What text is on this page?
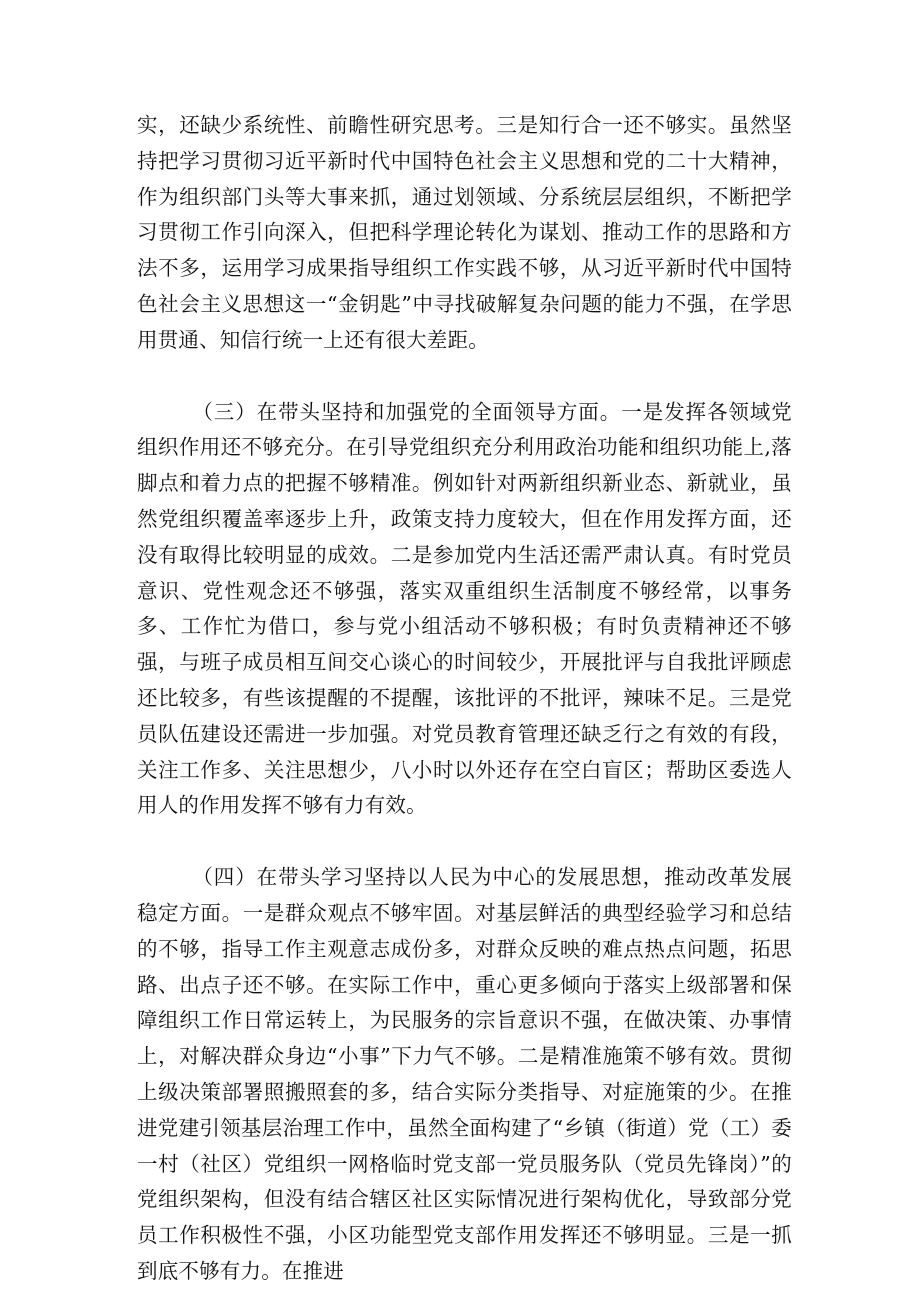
实，还缺少系统性、前瞻性研究思考。三是知行合一还不够实。虽然坚持把学习贯彻习近平新时代中国特色社会主义思想和党的二十大精神，作为组织部门头等大事来抓，通过划领域、分系统层层组织，不断把学习贯彻工作引向深入，但把科学理论转化为谋划、推动工作的思路和方法不多，运用学习成果指导组织工作实践不够，从习近平新时代中国特色社会主义思想这一“金钥匙”中寻找破解复杂问题的能力不强，在学思用贯通、知信行统一上还有很大差距。

（三）在带头坚持和加强党的全面领导方面。一是发挥各领域党组织作用还不够充分。在引导党组织充分利用政治功能和组织功能上,落脚点和着力点的把握不够精准。例如针对两新组织新业态、新就业，虽然党组织覆盖率逐步上升，政策支持力度较大，但在作用发挥方面，还没有取得比较明显的成效。二是参加党内生活还需严肃认真。有时党员意识、党性观念还不够强，落实双重组织生活制度不够经常，以事务多、工作忙为借口，参与党小组活动不够积极；有时负责精神还不够强，与班子成员相互间交心谈心的时间较少，开展批评与自我批评顾虑还比较多，有些该提醒的不提醒，该批评的不批评，辣味不足。三是党员队伍建设还需进一步加强。对党员教育管理还缺乏行之有效的有段，关注工作多、关注思想少，八小时以外还存在空白盲区；帮助区委选人用人的作用发挥不够有力有效。

（四）在带头学习坚持以人民为中心的发展思想，推动改革发展稳定方面。一是群众观点不够牢固。对基层鲜活的典型经验学习和总结的不够，指导工作主观意志成份多，对群众反映的难点热点问题，拓思路、出点子还不够。在实际工作中，重心更多倾向于落实上级部署和保障组织工作日常运转上，为民服务的宗旨意识不强，在做决策、办事情上，对解决群众身边“小事”下力气不够。二是精准施策不够有效。贯彻上级决策部署照搬照套的多，结合实际分类指导、对症施策的少。在推进党建引领基层治理工作中，虽然全面构建了“乡镇（街道）党（工）委一村（社区）党组织一网格临时党支部一党员服务队（党员先锋岗）”的党组织架构，但没有结合辖区社区实际情况进行架构优化，导致部分党员工作积极性不强，小区功能型党支部作用发挥还不够明显。三是一抓到底不够有力。在推进
